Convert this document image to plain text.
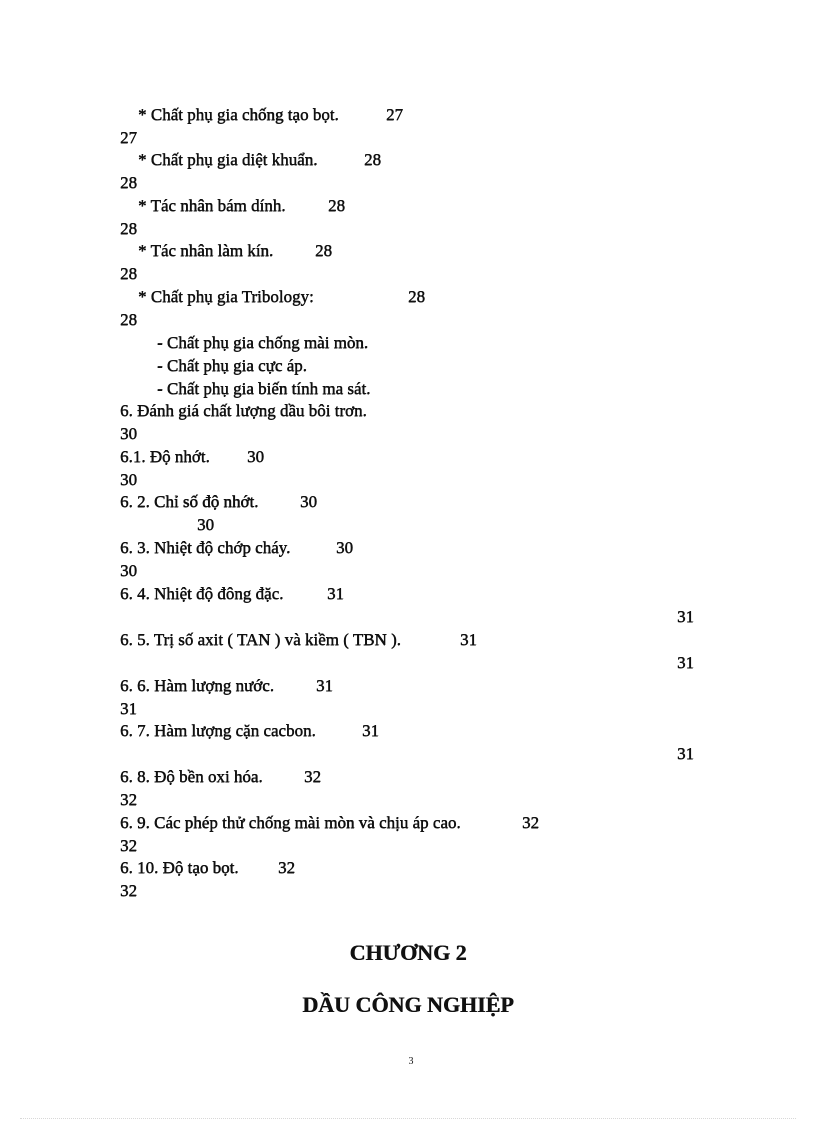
* Chất phụ gia chống tạo bọt.	27
27
* Chất phụ gia diệt khuẩn.	28
28
* Tác nhân bám dính.	28
28
* Tác nhân làm kín. 28
28
* Chất phụ gia Tribology:	28
28
- Chất phụ gia chống mài mòn.
- Chất phụ gia cực áp.
- Chất phụ gia biến tính ma sát.
6. Đánh giá chất lượng dầu bôi trơn.
30
6.1. Độ nhớt. 30
30
6. 2. Chỉ số độ nhớt. 30
30
6. 3. Nhiệt độ chớp cháy.	30
30
6. 4. Nhiệt độ đông đặc.	31
31
6. 5. Trị số axit ( TAN ) và kiềm ( TBN ).	31
31
6. 6. Hàm lượng nước. 31
31
6. 7. Hàm lượng cặn cacbon.	31
31
6. 8. Độ bền oxi hóa. 32
32
6. 9. Các phép thử chống mài mòn và chịu áp cao.	32
32
6. 10. Độ tạo bọt. 32
32
CHƯƠNG 2
DẦU CÔNG NGHIỆP
3
